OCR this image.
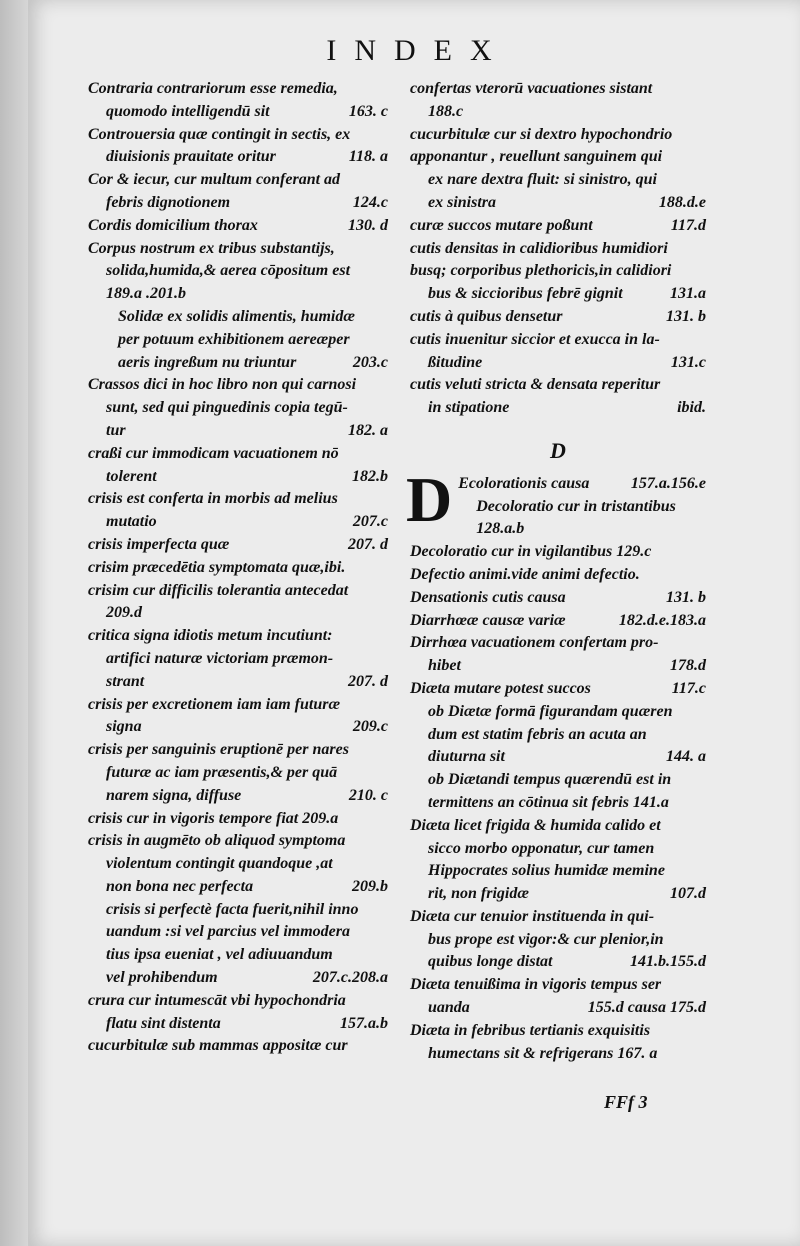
INDEX
Contraria contrariorum esse remedia,
quomodo intelligendū sit	163. c
Controuersia quæ contingit in sectis, ex
diuisionis prauitate oritur	118. a
Cor & iecur, cur multum conferant ad
febris dignotionem	124.c
Cordis domicilium thorax	130. d
Corpus nostrum ex tribus substantijs,
solida,humida,& aerea cōpositum est
189.a .201.b
Solidæ ex solidis alimentis, humidæ
per potuum exhibitionem aereæper
aeris ingreßum nu triuntur	203.c
Crassos dici in hoc libro non qui carnosi
sunt, sed qui pinguedinis copia tegū-
tur	182. a
craßi cur immodicam vacuationem nō
tolerent	182.b
crisis est conferta in morbis ad melius
mutatio	207.c
crisis imperfecta quæ	207. d
crisim præcedētia symptomata quæ,ibi.
crisim cur difficilis tolerantia antecedat
209.d
critica signa idiotis metum incutiunt:
artifici naturæ victoriam præmon-
strant	207. d
crisis per excretionem iam iam futuræ
signa	209.c
crisis per sanguinis eruptionē per nares
futuræ ac iam præsentis,& per quā
narem signa, diffuse	210. c
crisis cur in vigoris tempore fiat 209.a
crisis in augmēto ob aliquod symptoma
violentum contingit quandoque ,at
non bona nec perfecta	209.b
crisis si perfectè facta fuerit,nihil inno
uandum :si vel parcius vel immodera
tius ipsa eueniat , vel adiuuandum
vel prohibendum	207.c.208.a
crura cur intumescāt vbi hypochondria
flatu sint distenta	157.a.b
cucurbitulæ sub mammas appositæ cur
confertas vterorū vacuationes sistant
188.c
cucurbitulæ cur si dextro hypochondrio
apponantur , reuellunt sanguinem qui
ex nare dextra fluit: si sinistro, qui
ex sinistra	188.d.e
curæ succos mutare poßunt	117.d
cutis densitas in calidioribus humidiori
busq; corporibus plethoricis,in calidiori
bus & siccioribus febrē gignit	131.a
cutis à quibus densetur	131. b
cutis inuenitur siccior et exucca in la-
ßitudine	131.c
cutis veluti stricta & densata reperitur
in stipatione	ibid.
D
D Ecolorationis causa	157.a.156.e
Decoloratio cur in tristantibus
128.a.b
Decoloratio cur in vigilantibus 129.c
Defectio animi.vide animi defectio.
Densationis cutis causa	131. b
Diarrhœæ causæ variæ	182.d.e.183.a
Dirrhœa vacuationem confertam pro-
hibet	178.d
Diæta mutare potest succos	117.c
ob Diætæ formā figurandam quæren
dum est statim febris an acuta an
diuturna sit	144. a
ob Diætandi tempus quærendū est in
termittens an cōtinua sit febris 141.a
Diæta licet frigida & humida calido et
sicco morbo opponatur, cur tamen
Hippocrates solius humidæ memine
rit, non frigidæ	107.d
Diæta cur tenuior instituenda in qui-
bus prope est vigor:& cur plenior,in
quibus longe distat	141.b.155.d
Diæta tenuißima in vigoris tempus ser
uanda	155.d causa 175.d
Diæta in febribus tertianis exquisitis
humectans sit & refrigerans 167. a
FFf 3
